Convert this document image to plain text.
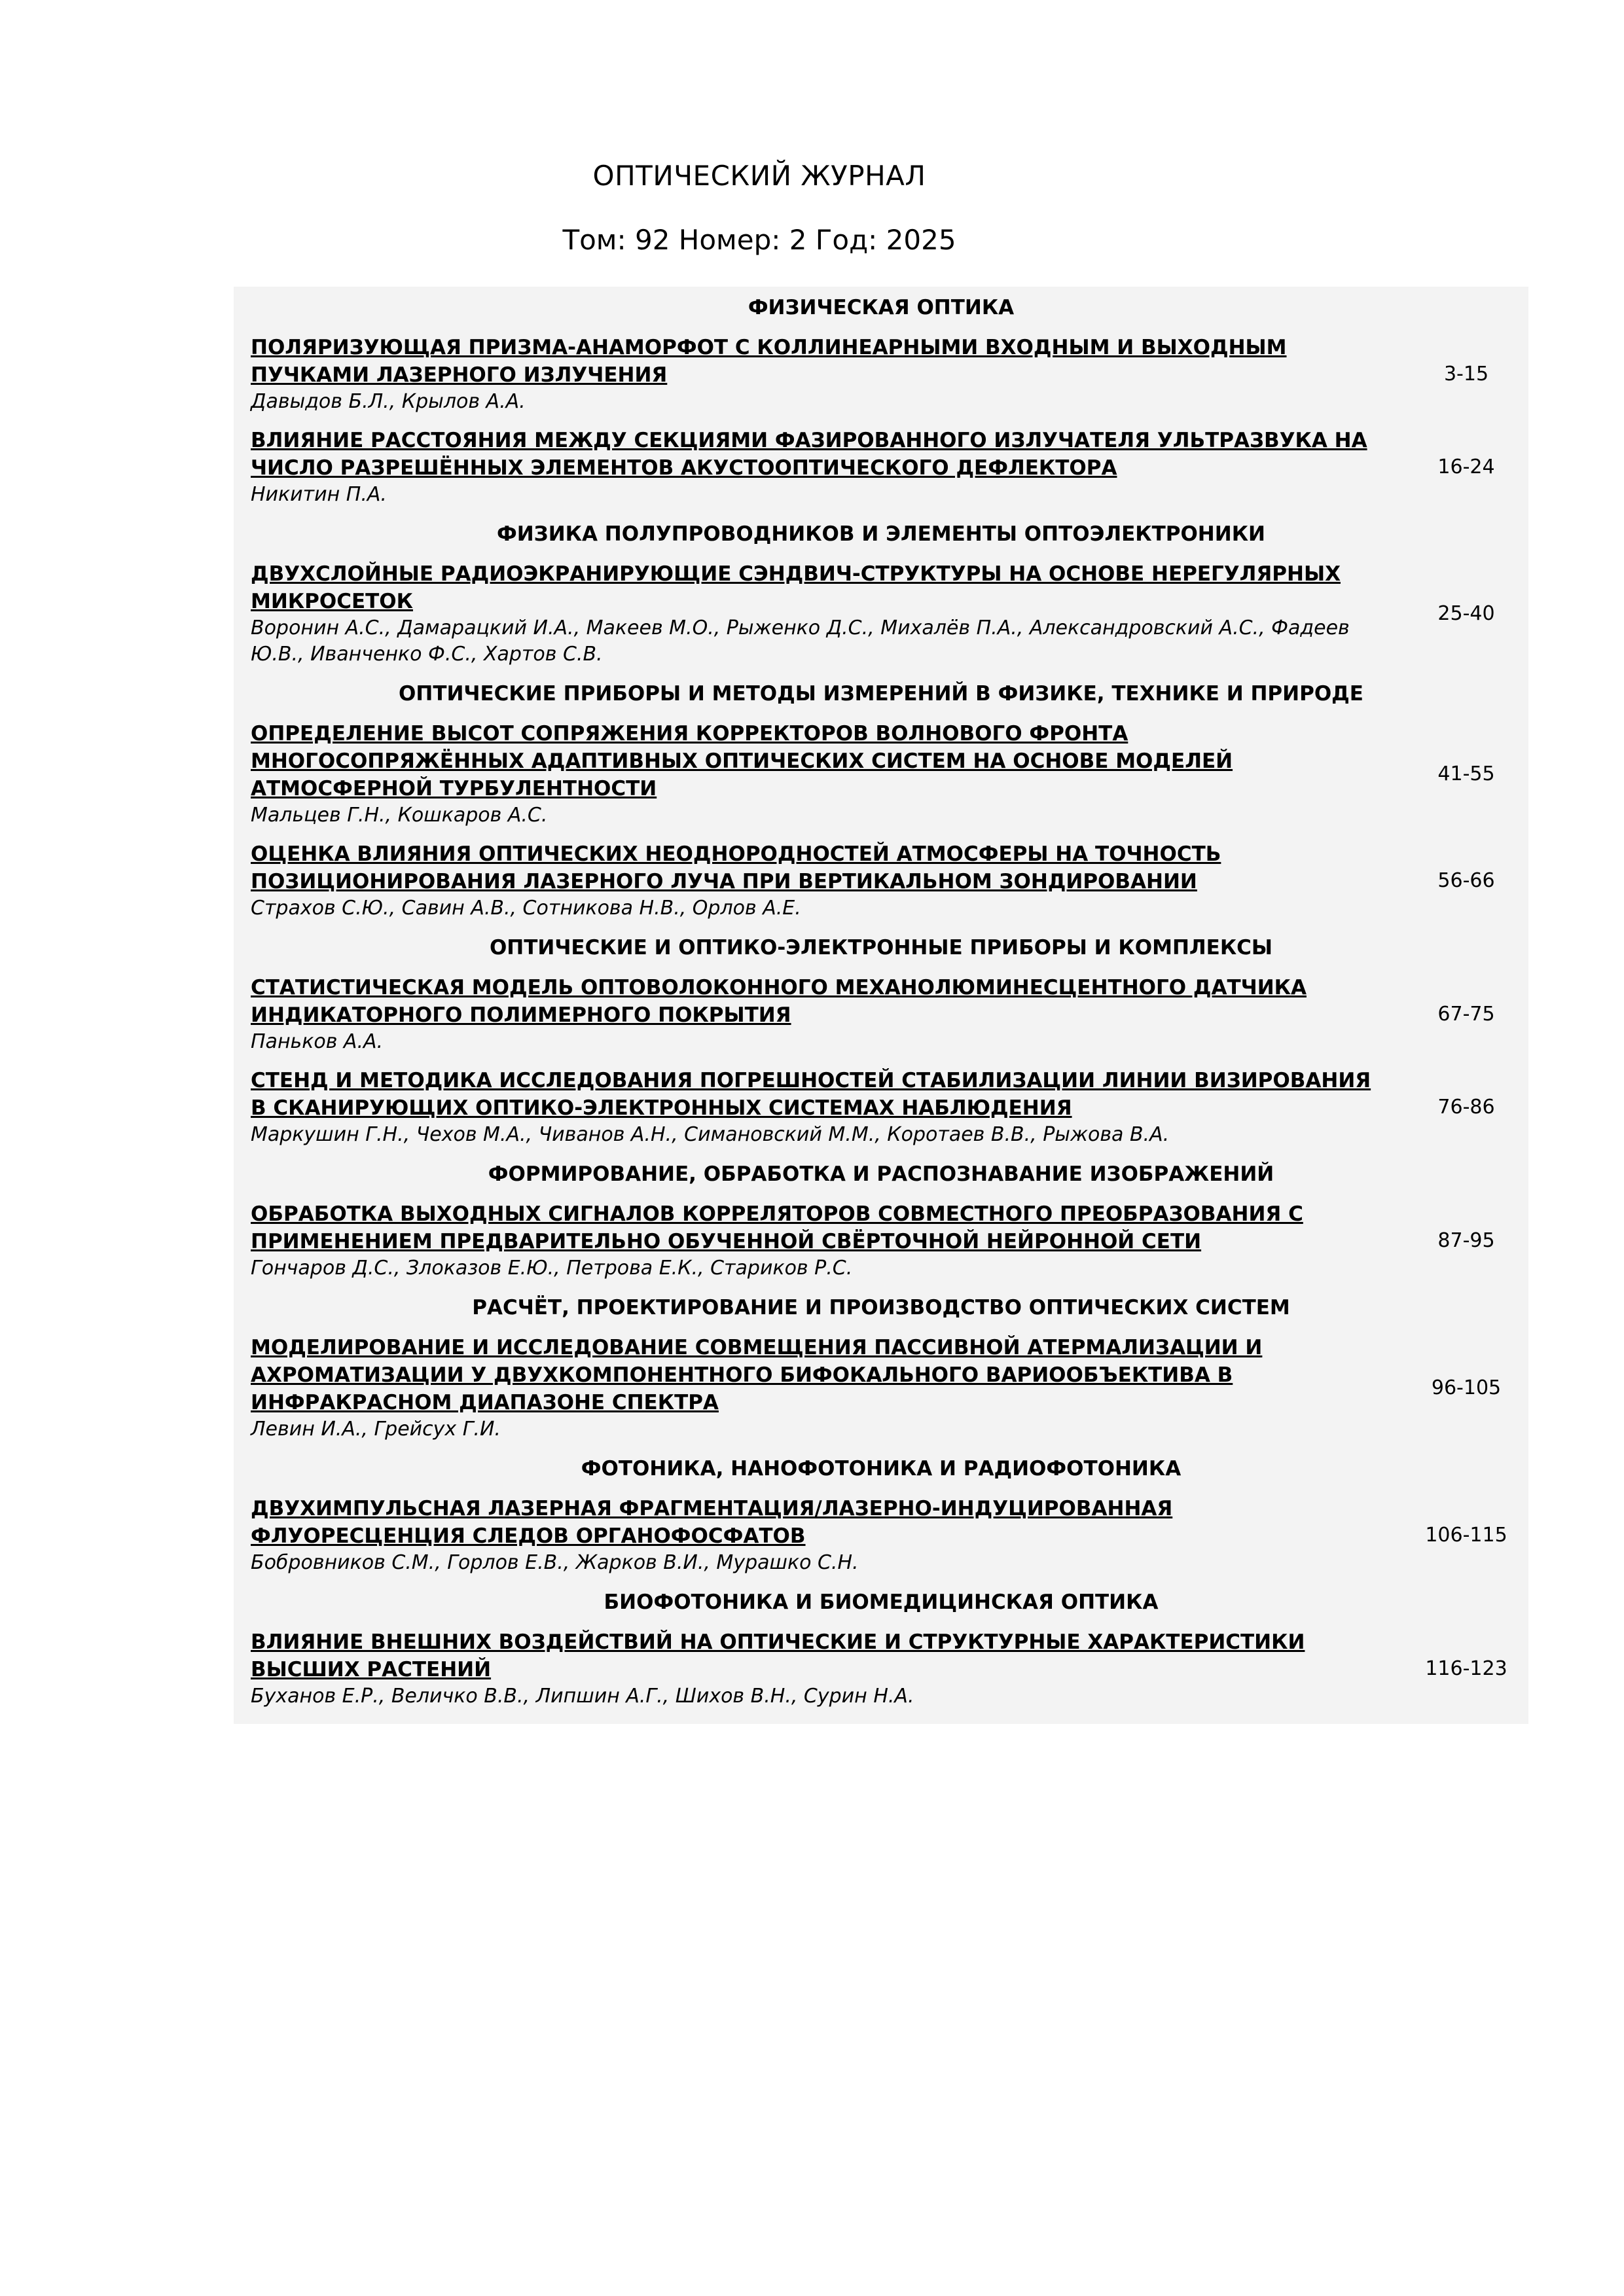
ОПТИЧЕСКИЙ ЖУРНАЛ
Том: 92 Номер: 2 Год: 2025
ФИЗИЧЕСКАЯ ОПТИКА	

ПОЛЯРИЗУЮЩАЯ ПРИЗМА-АНАМОРФОТ С КОЛЛИНЕАРНЫМИ ВХОДНЫМ И ВЫХОДНЫМ ПУЧКАМИ ЛАЗЕРНОГО ИЗЛУЧЕНИЯ
Давыдов Б.Л., Крылов А.А.	3-15

ВЛИЯНИЕ РАССТОЯНИЯ МЕЖДУ СЕКЦИЯМИ ФАЗИРОВАННОГО ИЗЛУЧАТЕЛЯ УЛЬТРАЗВУКА НА ЧИСЛО РАЗРЕШЁННЫХ ЭЛЕМЕНТОВ АКУСТООПТИЧЕСКОГО ДЕФЛЕКТОРА
Никитин П.А.	16-24
ФИЗИКА ПОЛУПРОВОДНИКОВ И ЭЛЕМЕНТЫ ОПТОЭЛЕКТРОНИКИ	

ДВУХСЛОЙНЫЕ РАДИОЭКРАНИРУЮЩИЕ СЭНДВИЧ-СТРУКТУРЫ НА ОСНОВЕ НЕРЕГУЛЯРНЫХ МИКРОСЕТОК
Воронин А.С., Дамарацкий И.А., Макеев М.О., Рыженко Д.С., Михалёв П.А., Александровский А.С., Фадеев Ю.В., Иванченко Ф.С., Хартов С.В.	25-40
ОПТИЧЕСКИЕ ПРИБОРЫ И МЕТОДЫ ИЗМЕРЕНИЙ В ФИЗИКЕ, ТЕХНИКЕ И ПРИРОДЕ	

ОПРЕДЕЛЕНИЕ ВЫСОТ СОПРЯЖЕНИЯ КОРРЕКТОРОВ ВОЛНОВОГО ФРОНТА МНОГОСОПРЯЖЁННЫХ АДАПТИВНЫХ ОПТИЧЕСКИХ СИСТЕМ НА ОСНОВЕ МОДЕЛЕЙ АТМОСФЕРНОЙ ТУРБУЛЕНТНОСТИ
Мальцев Г.Н., Кошкаров А.С.	41-55

ОЦЕНКА ВЛИЯНИЯ ОПТИЧЕСКИХ НЕОДНОРОДНОСТЕЙ АТМОСФЕРЫ НА ТОЧНОСТЬ ПОЗИЦИОНИРОВАНИЯ ЛАЗЕРНОГО ЛУЧА ПРИ ВЕРТИКАЛЬНОМ ЗОНДИРОВАНИИ
Страхов С.Ю., Савин А.В., Сотникова Н.В., Орлов А.Е.	56-66
ОПТИЧЕСКИЕ И ОПТИКО-ЭЛЕКТРОННЫЕ ПРИБОРЫ И КОМПЛЕКСЫ	

СТАТИСТИЧЕСКАЯ МОДЕЛЬ ОПТОВОЛОКОННОГО МЕХАНОЛЮМИНЕСЦЕНТНОГО ДАТЧИКА ИНДИКАТОРНОГО ПОЛИМЕРНОГО ПОКРЫТИЯ
Паньков А.А.	67-75

СТЕНД И МЕТОДИКА ИССЛЕДОВАНИЯ ПОГРЕШНОСТЕЙ СТАБИЛИЗАЦИИ ЛИНИИ ВИЗИРОВАНИЯ В СКАНИРУЮЩИХ ОПТИКО-ЭЛЕКТРОННЫХ СИСТЕМАХ НАБЛЮДЕНИЯ
Маркушин Г.Н., Чехов М.А., Чиванов А.Н., Симановский М.М., Коротаев В.В., Рыжова В.А.	76-86
ФОРМИРОВАНИЕ, ОБРАБОТКА И РАСПОЗНАВАНИЕ ИЗОБРАЖЕНИЙ	

ОБРАБОТКА ВЫХОДНЫХ СИГНАЛОВ КОРРЕЛЯТОРОВ СОВМЕСТНОГО ПРЕОБРАЗОВАНИЯ С ПРИМЕНЕНИЕМ ПРЕДВАРИТЕЛЬНО ОБУЧЕННОЙ СВЁРТОЧНОЙ НЕЙРОННОЙ СЕТИ
Гончаров Д.С., Злоказов Е.Ю., Петрова Е.К., Стариков Р.С.	87-95
РАСЧЁТ, ПРОЕКТИРОВАНИЕ И ПРОИЗВОДСТВО ОПТИЧЕСКИХ СИСТЕМ	

МОДЕЛИРОВАНИЕ И ИССЛЕДОВАНИЕ СОВМЕЩЕНИЯ ПАССИВНОЙ АТЕРМАЛИЗАЦИИ И АХРОМАТИЗАЦИИ У ДВУХКОМПОНЕНТНОГО БИФОКАЛЬНОГО ВАРИООБЪЕКТИВА В ИНФРАКРАСНОМ ДИАПАЗОНЕ СПЕКТРА
Левин И.А., Грейсух Г.И.	96-105
ФОТОНИКА, НАНОФОТОНИКА И РАДИОФОТОНИКА	

ДВУХИМПУЛЬСНАЯ ЛАЗЕРНАЯ ФРАГМЕНТАЦИЯ/ЛАЗЕРНО-ИНДУЦИРОВАННАЯ ФЛУОРЕСЦЕНЦИЯ СЛЕДОВ ОРГАНОФОСФАТОВ
Бобровников С.М., Горлов Е.В., Жарков В.И., Мурашко С.Н.	106-115
БИОФОТОНИКА И БИОМЕДИЦИНСКАЯ ОПТИКА	

ВЛИЯНИЕ ВНЕШНИХ ВОЗДЕЙСТВИЙ НА ОПТИЧЕСКИЕ И СТРУКТУРНЫЕ ХАРАКТЕРИСТИКИ ВЫСШИХ РАСТЕНИЙ
Буханов Е.Р., Величко В.В., Липшин А.Г., Шихов В.Н., Сурин Н.А.	116-123
